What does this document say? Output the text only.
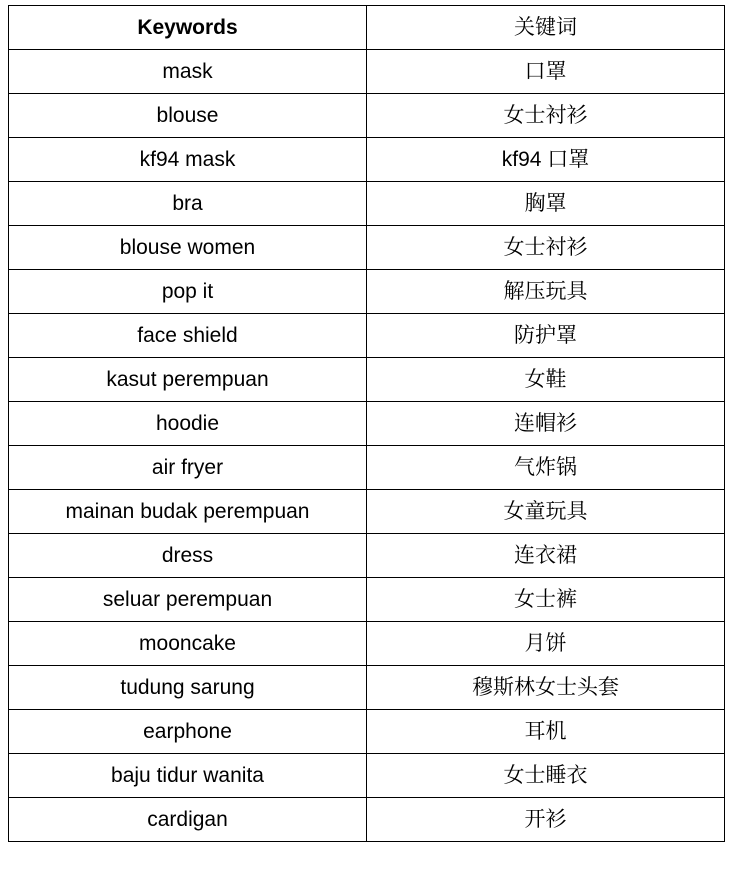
Keywords	关键词
mask	口罩
blouse	女士衬衫
kf94 mask	kf94 口罩
bra	胸罩
blouse women	女士衬衫
pop it	解压玩具
face shield	防护罩
kasut perempuan	女鞋
hoodie	连帽衫
air fryer	气炸锅
mainan budak perempuan	女童玩具
dress	连衣裙
seluar perempuan	女士裤
mooncake	月饼
tudung sarung	穆斯林女士头套
earphone	耳机
baju tidur wanita	女士睡衣
cardigan	开衫
